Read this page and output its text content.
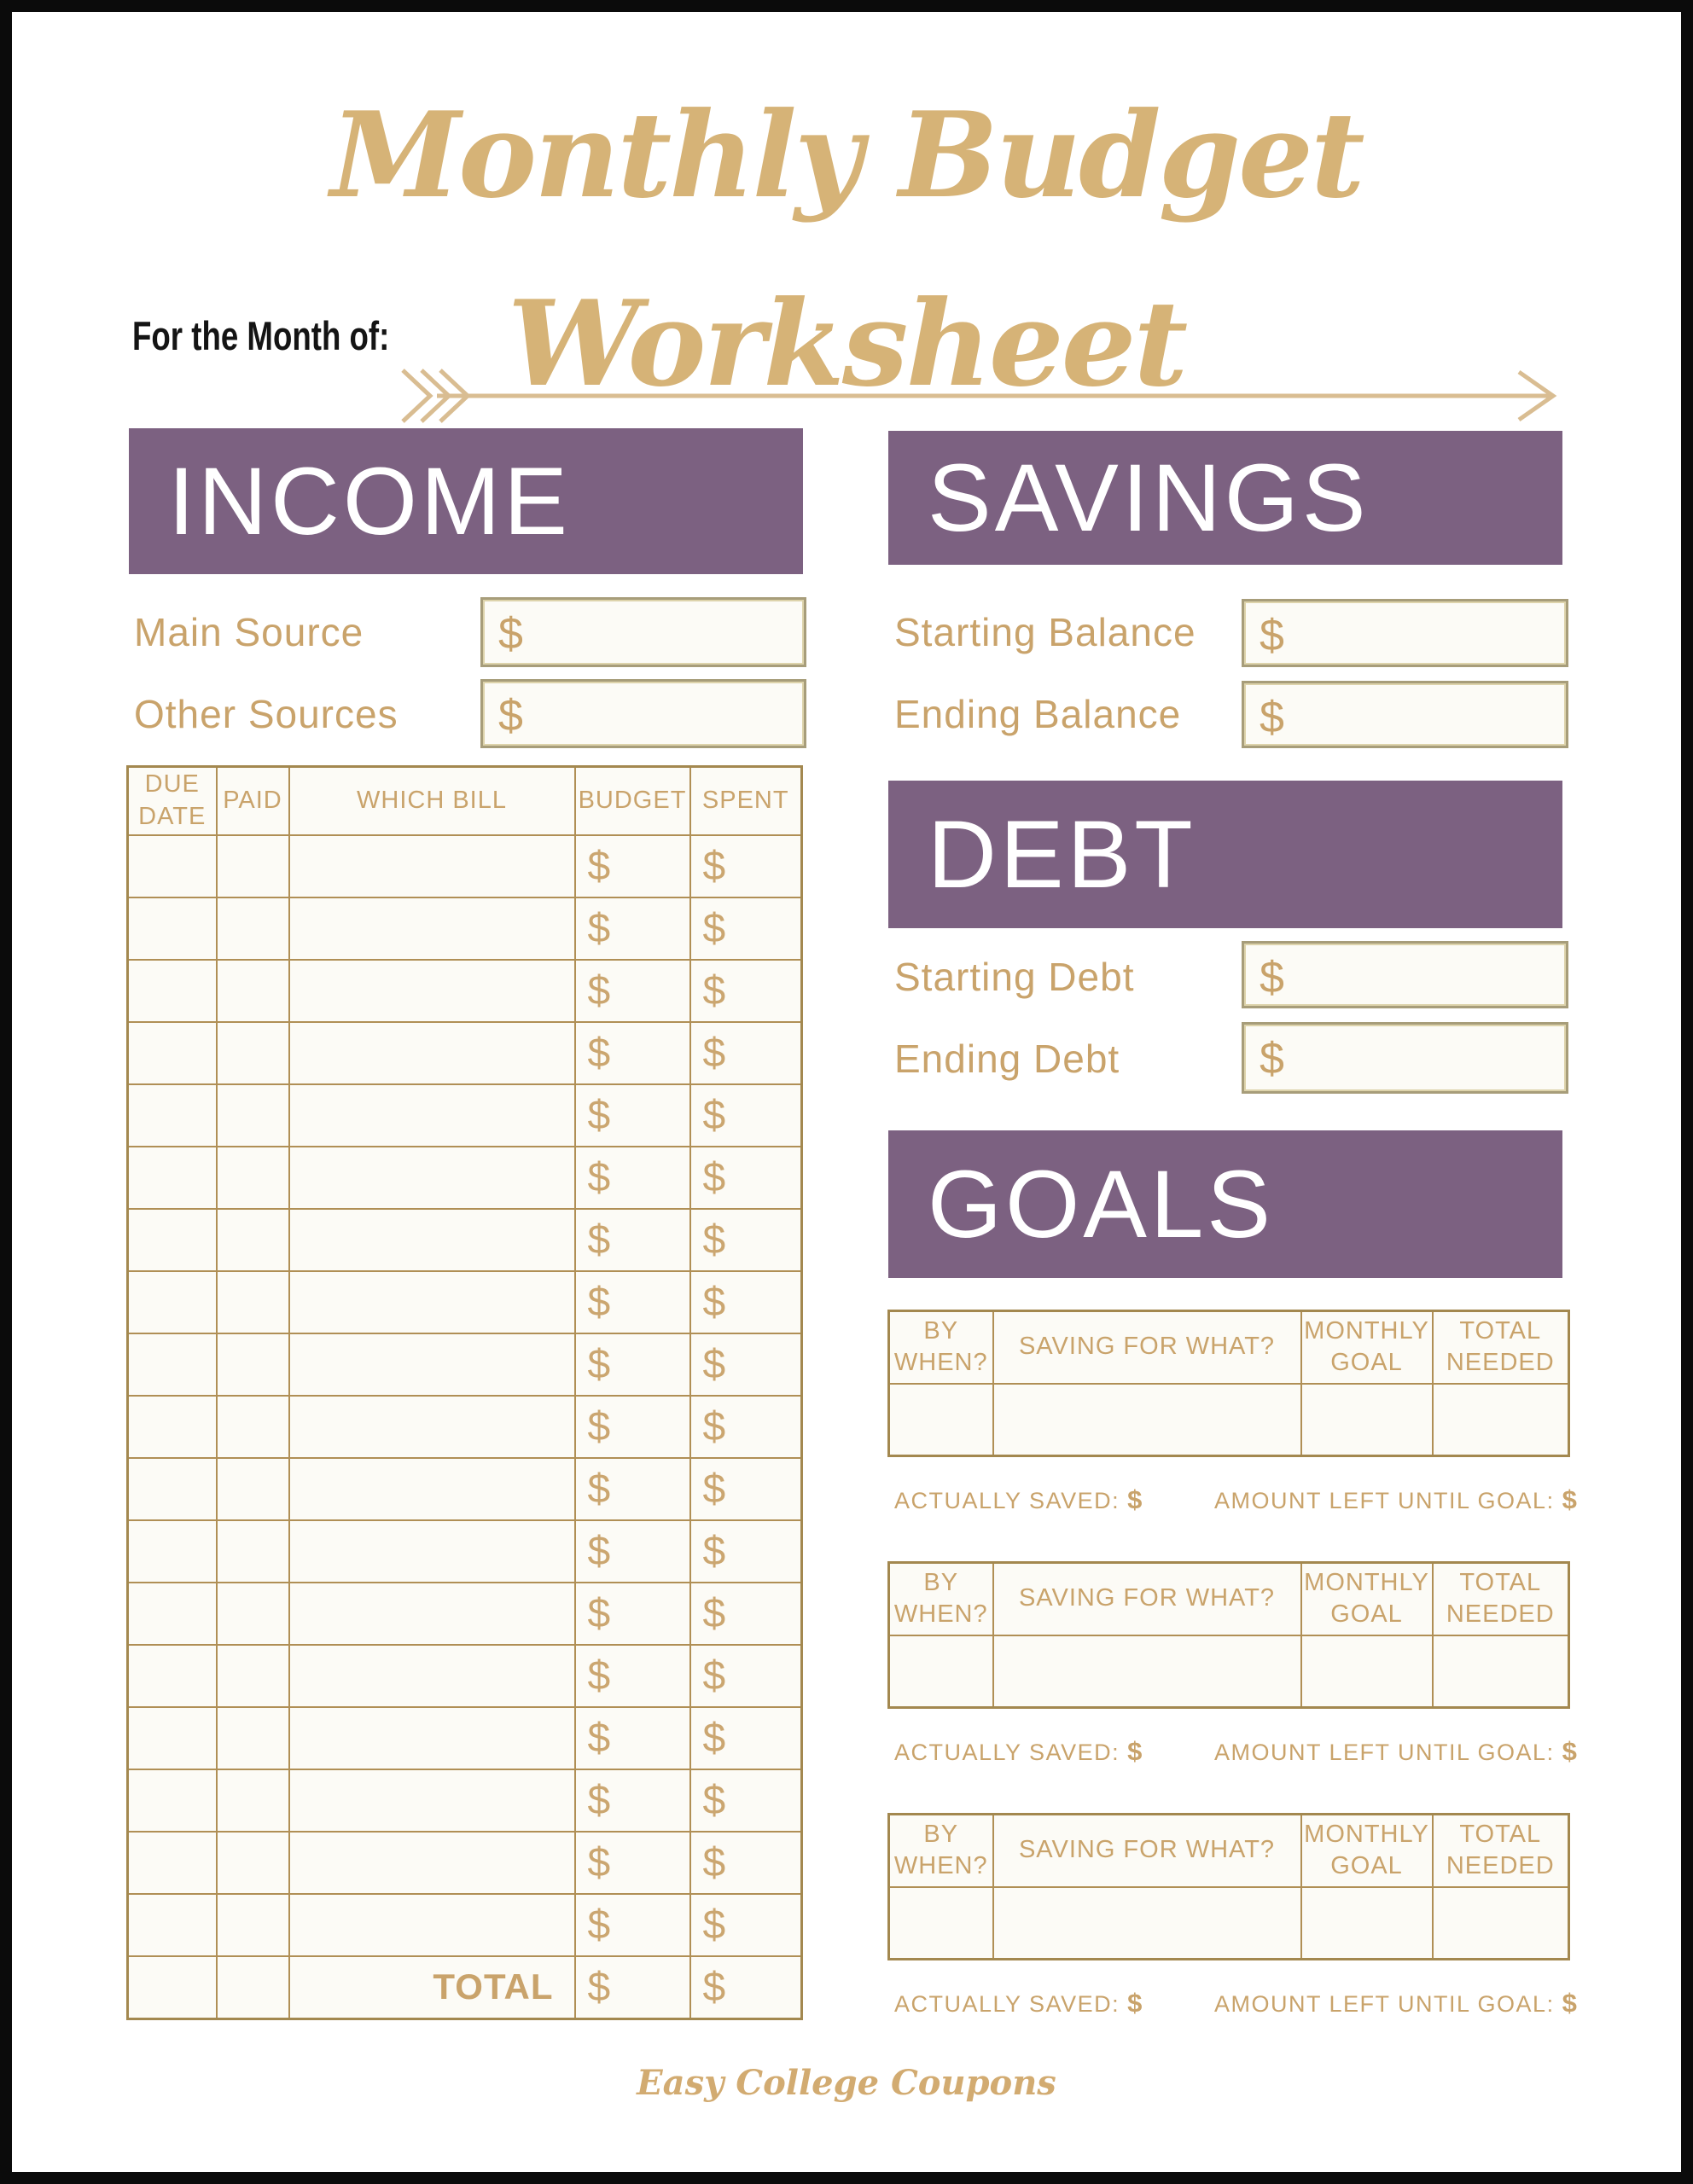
Monthly Budget Worksheet
For the Month of:
INCOME
Main Source	$
Other Sources	$
DUE DATE	PAID	WHICH BILL	BUDGET	SPENT
			$	$
			$	$
			$	$
			$	$
			$	$
			$	$
			$	$
			$	$
			$	$
			$	$
			$	$
			$	$
			$	$
			$	$
			$	$
			$	$
			$	$
			$	$
		TOTAL	$	$
SAVINGS
Starting Balance	$
Ending Balance	$
DEBT
Starting Debt	$
Ending Debt	$
GOALS
BY WHEN?	SAVING FOR WHAT?	MONTHLY GOAL	TOTAL NEEDED

ACTUALLY SAVED: $	AMOUNT LEFT UNTIL GOAL: $
BY WHEN?	SAVING FOR WHAT?	MONTHLY GOAL	TOTAL NEEDED

ACTUALLY SAVED: $	AMOUNT LEFT UNTIL GOAL: $
BY WHEN?	SAVING FOR WHAT?	MONTHLY GOAL	TOTAL NEEDED

ACTUALLY SAVED: $	AMOUNT LEFT UNTIL GOAL: $
Easy College Coupons
